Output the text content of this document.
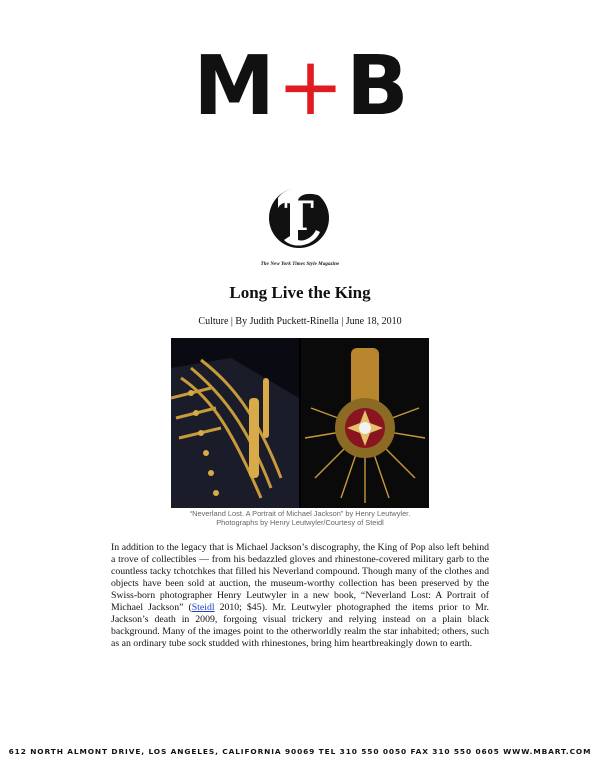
M+B
T
The New York Times Style Magazine
Long Live the King
Culture | By Judith Puckett-Rinella | June 18, 2010
“Neverland Lost. A Portrait of Michael Jackson” by Henry Leutwyler.
Photographs by Henry Leutwyler/Courtesy of Steidl
In addition to the legacy that is Michael Jackson’s discography, the King of Pop also left behind a trove of collectibles — from his bedazzled gloves and rhinestone-covered military garb to the countless tacky tchotchkes that filled his Neverland compound. Though many of the clothes and objects have been sold at auction, the museum-worthy collection has been preserved by the Swiss-born photographer Henry Leutwyler in a new book, “Neverland Lost: A Portrait of Michael Jackson” (Steidl 2010; $45). Mr. Leutwyler photographed the items prior to Mr. Jackson’s death in 2009, forgoing visual trickery and relying instead on a plain black background. Many of the images point to the otherworldly realm the star inhabited; others, such as an ordinary tube sock studded with rhinestones, bring him heartbreakingly down to earth.
612 NORTH ALMONT DRIVE, LOS ANGELES, CALIFORNIA 90069 TEL 310 550 0050 FAX 310 550 0605 WWW.MBART.COM
